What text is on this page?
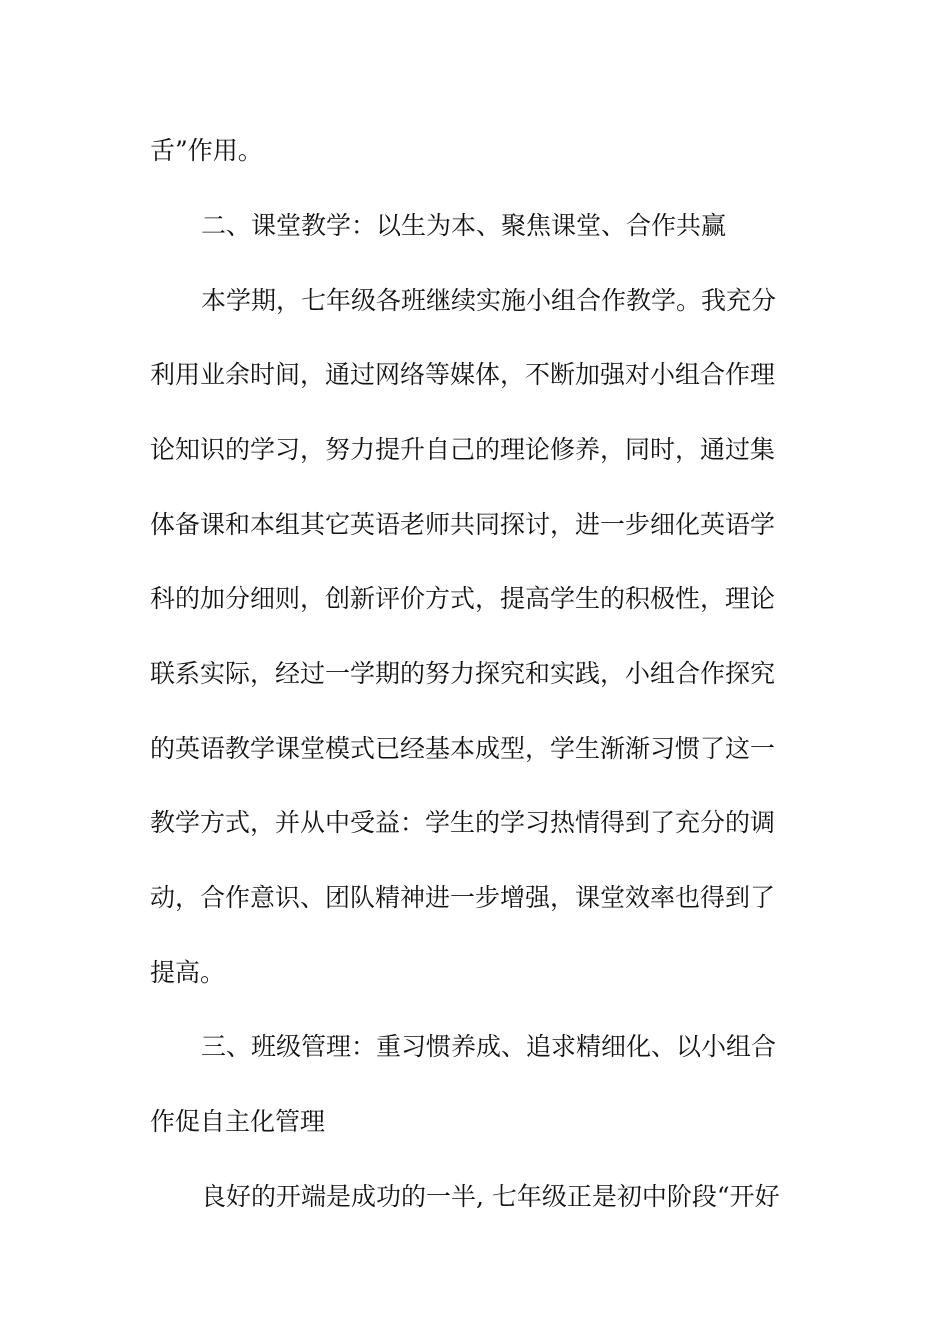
舌”作用。
二、课堂教学：以生为本、聚焦课堂、合作共赢
本学期，七年级各班继续实施小组合作教学。我充分
利用业余时间，通过网络等媒体，不断加强对小组合作理
论知识的学习，努力提升自己的理论修养，同时，通过集
体备课和本组其它英语老师共同探讨，进一步细化英语学
科的加分细则，创新评价方式，提高学生的积极性，理论
联系实际，经过一学期的努力探究和实践，小组合作探究
的英语教学课堂模式已经基本成型，学生渐渐习惯了这一
教学方式，并从中受益：学生的学习热情得到了充分的调
动，合作意识、团队精神进一步增强，课堂效率也得到了
提高。
三、班级管理：重习惯养成、追求精细化、以小组合
作促自主化管理
良好的开端是成功的一半, 七年级正是初中阶段“开好
